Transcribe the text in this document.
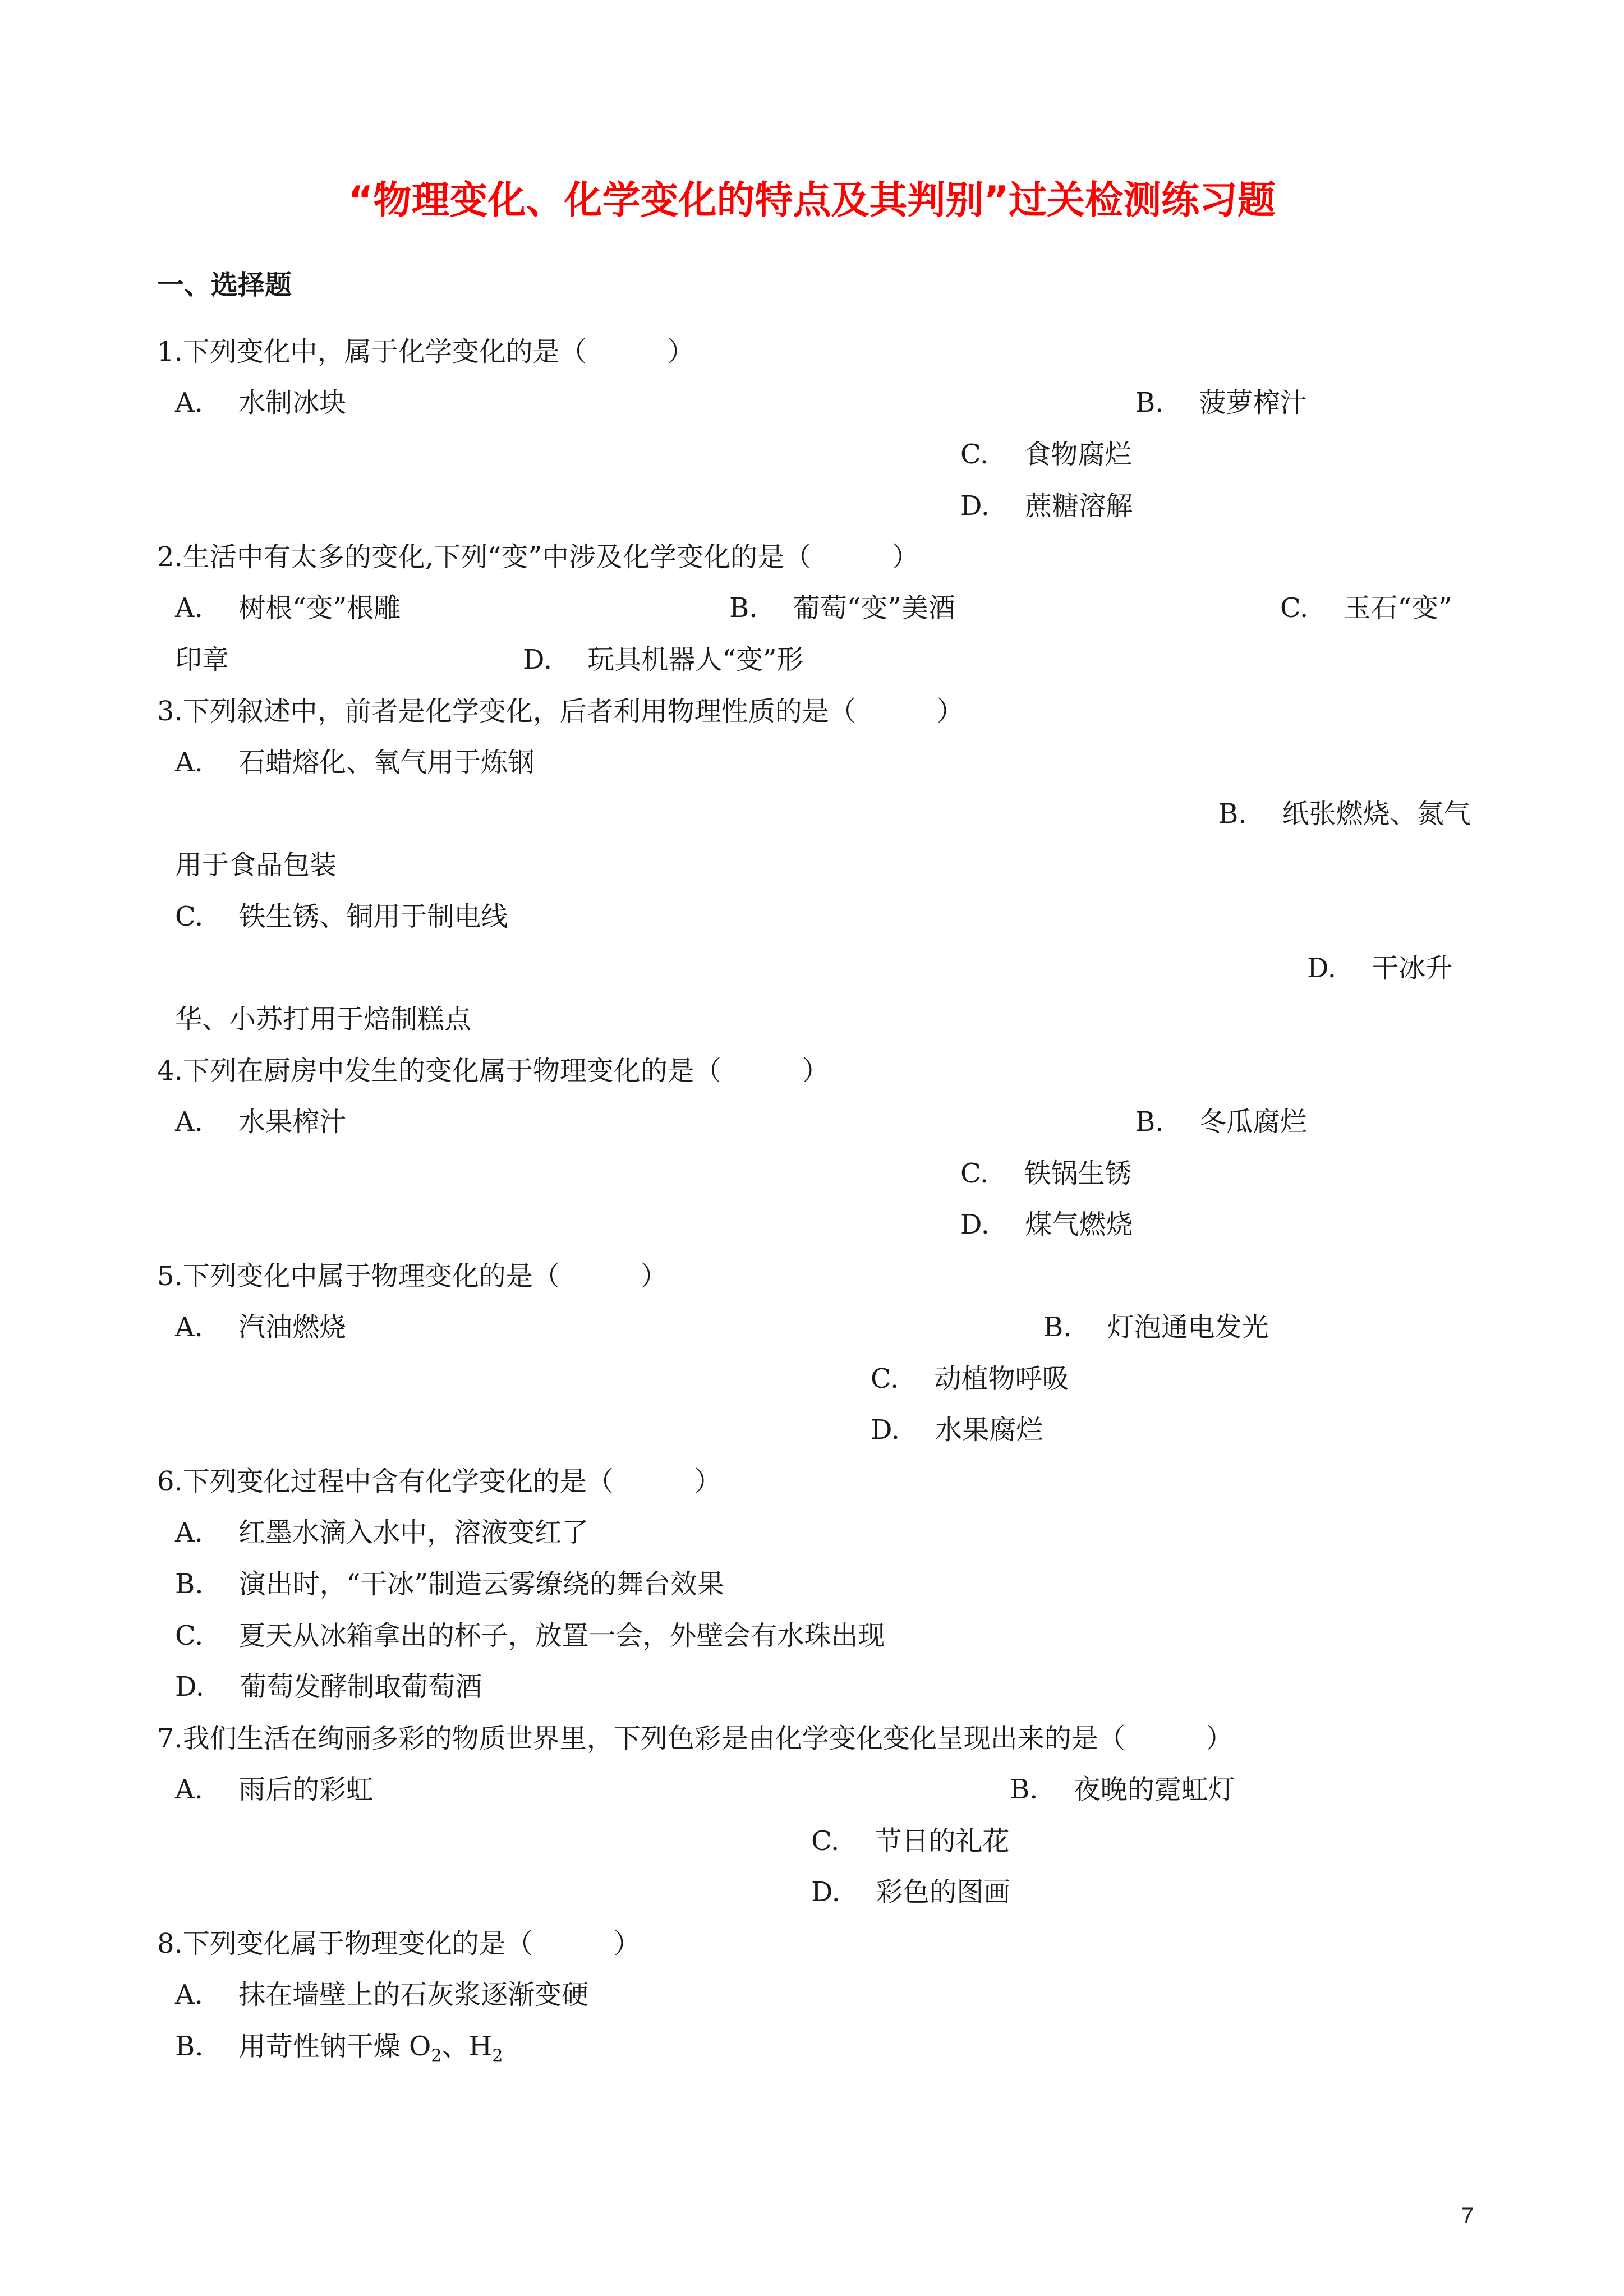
“物理变化、化学变化的特点及其判别”过关检测练习题
一、选择题
1.下列变化中，属于化学变化的是（　　　）
A.　 水制冰块	B.　 菠萝榨汁
C.　 食物腐烂
D.　 蔗糖溶解
2.生活中有太多的变化,下列“变”中涉及化学变化的是（　　　）
A.　 树根“变”根雕	B.　 葡萄“变”美酒	C.　 玉石“变”
印章	D.　 玩具机器人“变”形
3.下列叙述中，前者是化学变化，后者利用物理性质的是（　　　）
A.　 石蜡熔化、氧气用于炼钢
B.　 纸张燃烧、氮气
用于食品包装
C.　 铁生锈、铜用于制电线
D.　 干冰升
华、小苏打用于焙制糕点
4.下列在厨房中发生的变化属于物理变化的是（　　　）
A.　 水果榨汁	B.　 冬瓜腐烂
C.　 铁锅生锈
D.　 煤气燃烧
5.下列变化中属于物理变化的是（　　　）
A.　 汽油燃烧	B.　 灯泡通电发光
C.　 动植物呼吸
D.　 水果腐烂
6.下列变化过程中含有化学变化的是（　　　）
A.　 红墨水滴入水中，溶液变红了
B.　 演出时，“干冰”制造云雾缭绕的舞台效果
C.　 夏天从冰箱拿出的杯子，放置一会，外壁会有水珠出现
D.　 葡萄发酵制取葡萄酒
7.我们生活在绚丽多彩的物质世界里，下列色彩是由化学变化变化呈现出来的是（　　　）
A.　 雨后的彩虹	B.　 夜晚的霓虹灯
C.　 节日的礼花
D.　 彩色的图画
8.下列变化属于物理变化的是（　　　）
A.　 抹在墙壁上的石灰浆逐渐变硬
B.　 用苛性钠干燥 $O_2$、$H_2$
7
